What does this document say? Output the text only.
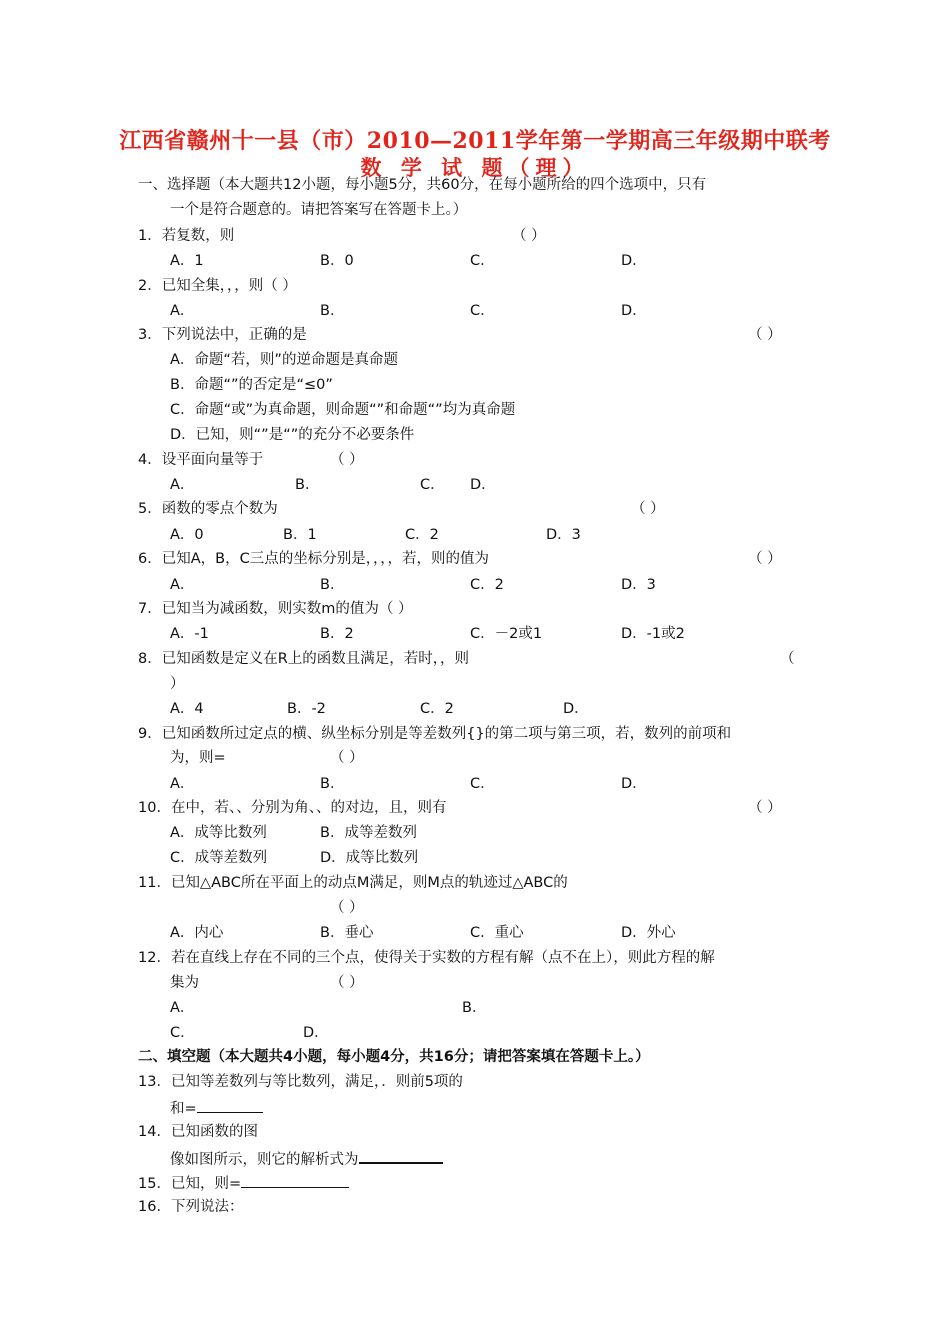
江西省赣州十一县（市）2010—2011学年第一学期高三年级期中联考
数 学 试 题（理）
一、选择题（本大题共12小题，每小题5分，共60分，在每小题所给的四个选项中，只有
一个是符合题意的。请把答案写在答题卡上。）
1．若复数，则	（ ）
A．1	B．0	C．	D．
2．已知全集，，，则（ ）
A．	B．	C．	D．
3．下列说法中，正确的是	（ ）
A．命题“若，则”的逆命题是真命题
B．命题“”的否定是“≤0”
C．命题“或”为真命题，则命题“”和命题“”均为真命题
D．已知，则“”是“”的充分不必要条件
4．设平面向量等于	（ ）
A．	B．	C． D．
5．函数的零点个数为	（ ）
A．0	B．1	C．2	D．3
6．已知A，B，C三点的坐标分别是，，，，若，则的值为	（ ）
A．	B．	C．2	D．3
7．已知当为减函数，则实数m的值为（ ）
A．-1	B．2	C．－2或1	D．-1或2
8．已知函数是定义在R上的函数且满足，若时，，则	（
）
A．4	B．-2	C．2	D．
9．已知函数所过定点的横、纵坐标分别是等差数列{}的第二项与第三项，若，数列的前项和
为，则=	（ ）
A．	B．	C．	D．
10．在中，若、、分别为角、、的对边，且，则有	（ ）
A．成等比数列	B．成等差数列
C．成等差数列	D．成等比数列
11．已知△ABC所在平面上的动点M满足，则M点的轨迹过△ABC的
（ ）
A．内心	B．垂心	C．重心	D．外心
12．若在直线上存在不同的三个点，使得关于实数的方程有解（点不在上），则此方程的解
集为	（ ）
A．	B．
C．	D．
二、填空题（本大题共4小题，每小题4分，共16分；请把答案填在答题卡上。）
13．已知等差数列与等比数列，满足，．则前5项的
和=
14．已知函数的图
像如图所示，则它的解析式为
15．已知，则=
16．下列说法：
